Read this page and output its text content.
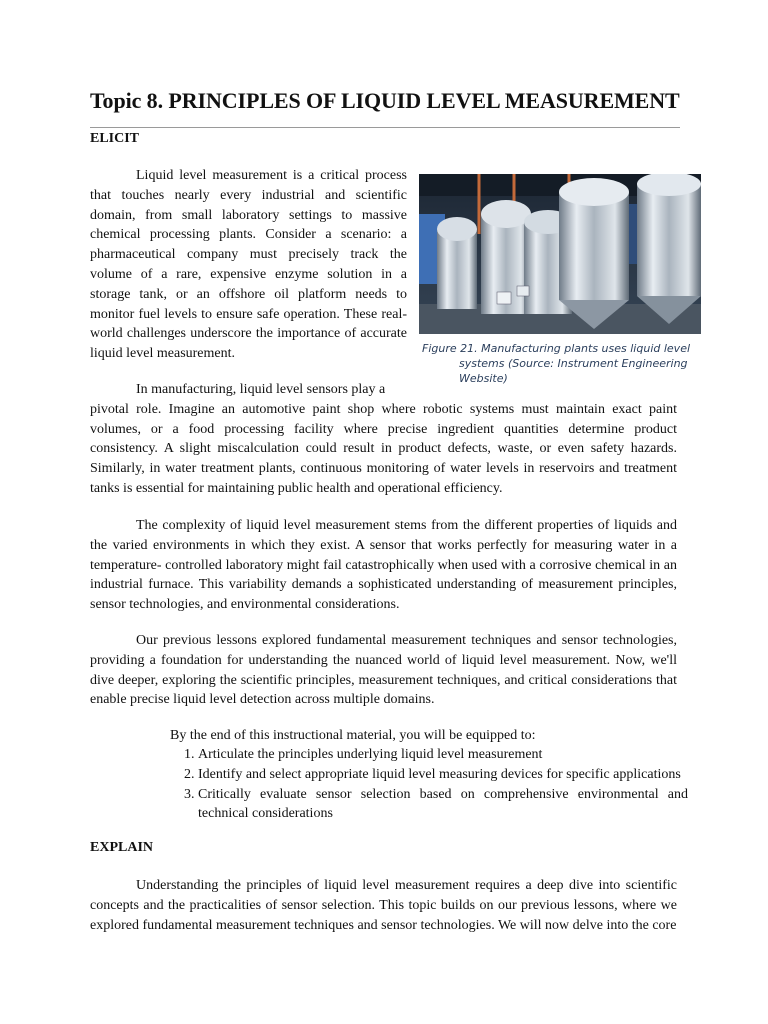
Topic 8. PRINCIPLES OF LIQUID LEVEL MEASUREMENT
ELICIT

Liquid level measurement is a critical process that touches nearly every industrial and scientific domain, from small laboratory settings to massive chemical processing plants. Consider a scenario: a pharmaceutical company must precisely track the volume of a rare, expensive enzyme solution in a storage tank, or an offshore oil platform needs to monitor fuel levels to ensure safe operation. These real-world challenges underscore the importance of accurate liquid level measurement.	Figure 21. Manufacturing plants uses liquid level systems (Source: Instrument Engineering Website)

In manufacturing, liquid level sensors play a
pivotal role. Imagine an automotive paint shop where robotic systems must maintain exact paint volumes, or a food processing facility where precise ingredient quantities determine product consistency. A slight miscalculation could result in product defects, waste, or even safety hazards. Similarly, in water treatment plants, continuous monitoring of water levels in reservoirs and treatment tanks is essential for maintaining public health and operational efficiency.

The complexity of liquid level measurement stems from the different properties of liquids and the varied environments in which they exist. A sensor that works perfectly for measuring water in a temperature- controlled laboratory might fail catastrophically when used with a corrosive chemical in an industrial furnace. This variability demands a sophisticated understanding of measurement principles, sensor technologies, and environmental considerations.

Our previous lessons explored fundamental measurement techniques and sensor technologies, providing a foundation for understanding the nuanced world of liquid level measurement. Now, we'll dive deeper, exploring the scientific principles, measurement techniques, and critical considerations that enable precise liquid level detection across multiple domains.

By the end of this instructional material, you will be equipped to:

1. Articulate the principles underlying liquid level measurement
2. Identify and select appropriate liquid level measuring devices for specific applications
3. Critically evaluate sensor selection based on comprehensive environmental and technical considerations
EXPLAIN

Understanding the principles of liquid level measurement requires a deep dive into scientific concepts and the practicalities of sensor selection. This topic builds on our previous lessons, where we explored fundamental measurement techniques and sensor technologies. We will now delve into the core
